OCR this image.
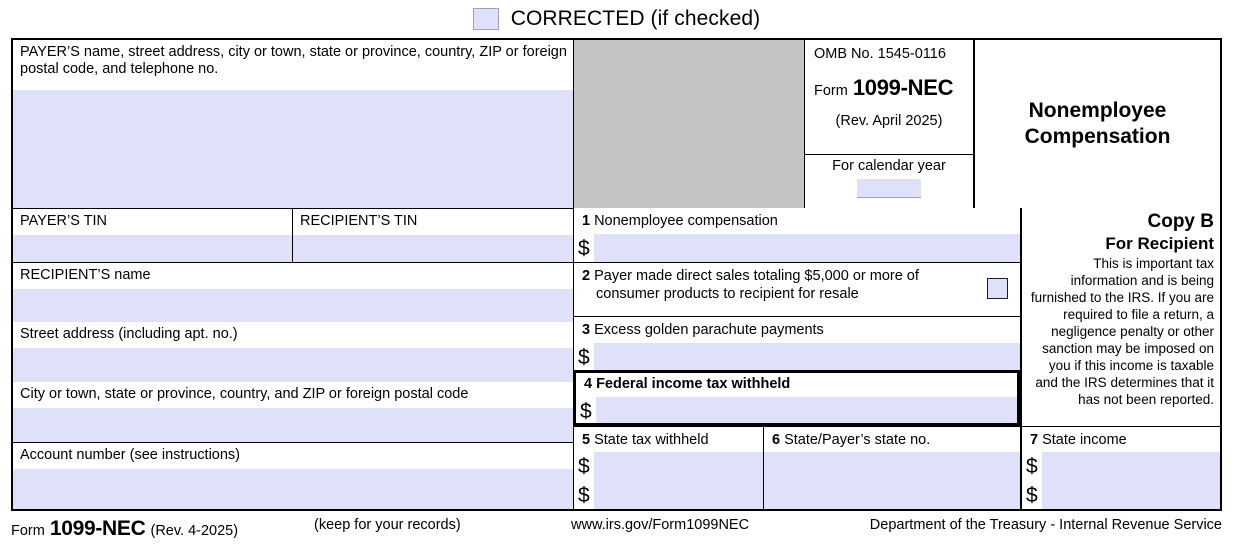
CORRECTED (if checked)
PAYER’S name, street address, city or town, state or province, country, ZIP or foreign postal code, and telephone no.
OMB No. 1545-0116
Form 1099-NEC
(Rev. April 2025)
For calendar year
Nonemployee
Compensation
PAYER’S TIN	RECIPIENT’S TIN
RECIPIENT’S name
Street address (including apt. no.)
City or town, state or province, country, and ZIP or foreign postal code
Account number (see instructions)
1 Nonemployee compensation
$
2 Payer made direct sales totaling $5,000 or more of
consumer products to recipient for resale
3 Excess golden parachute payments
$
4 Federal income tax withheld
$
5 State tax withheld
$
$
6 State/Payer’s state no.	7 State income
$
$
Copy B
For Recipient
This is important tax information and is being furnished to the IRS. If you are required to file a return, a negligence penalty or other sanction may be imposed on you if this income is taxable and the IRS determines that it has not been reported.
Form 1099-NEC (Rev. 4-2025)	(keep for your records)	www.irs.gov/Form1099NEC	Department of the Treasury - Internal Revenue Service
